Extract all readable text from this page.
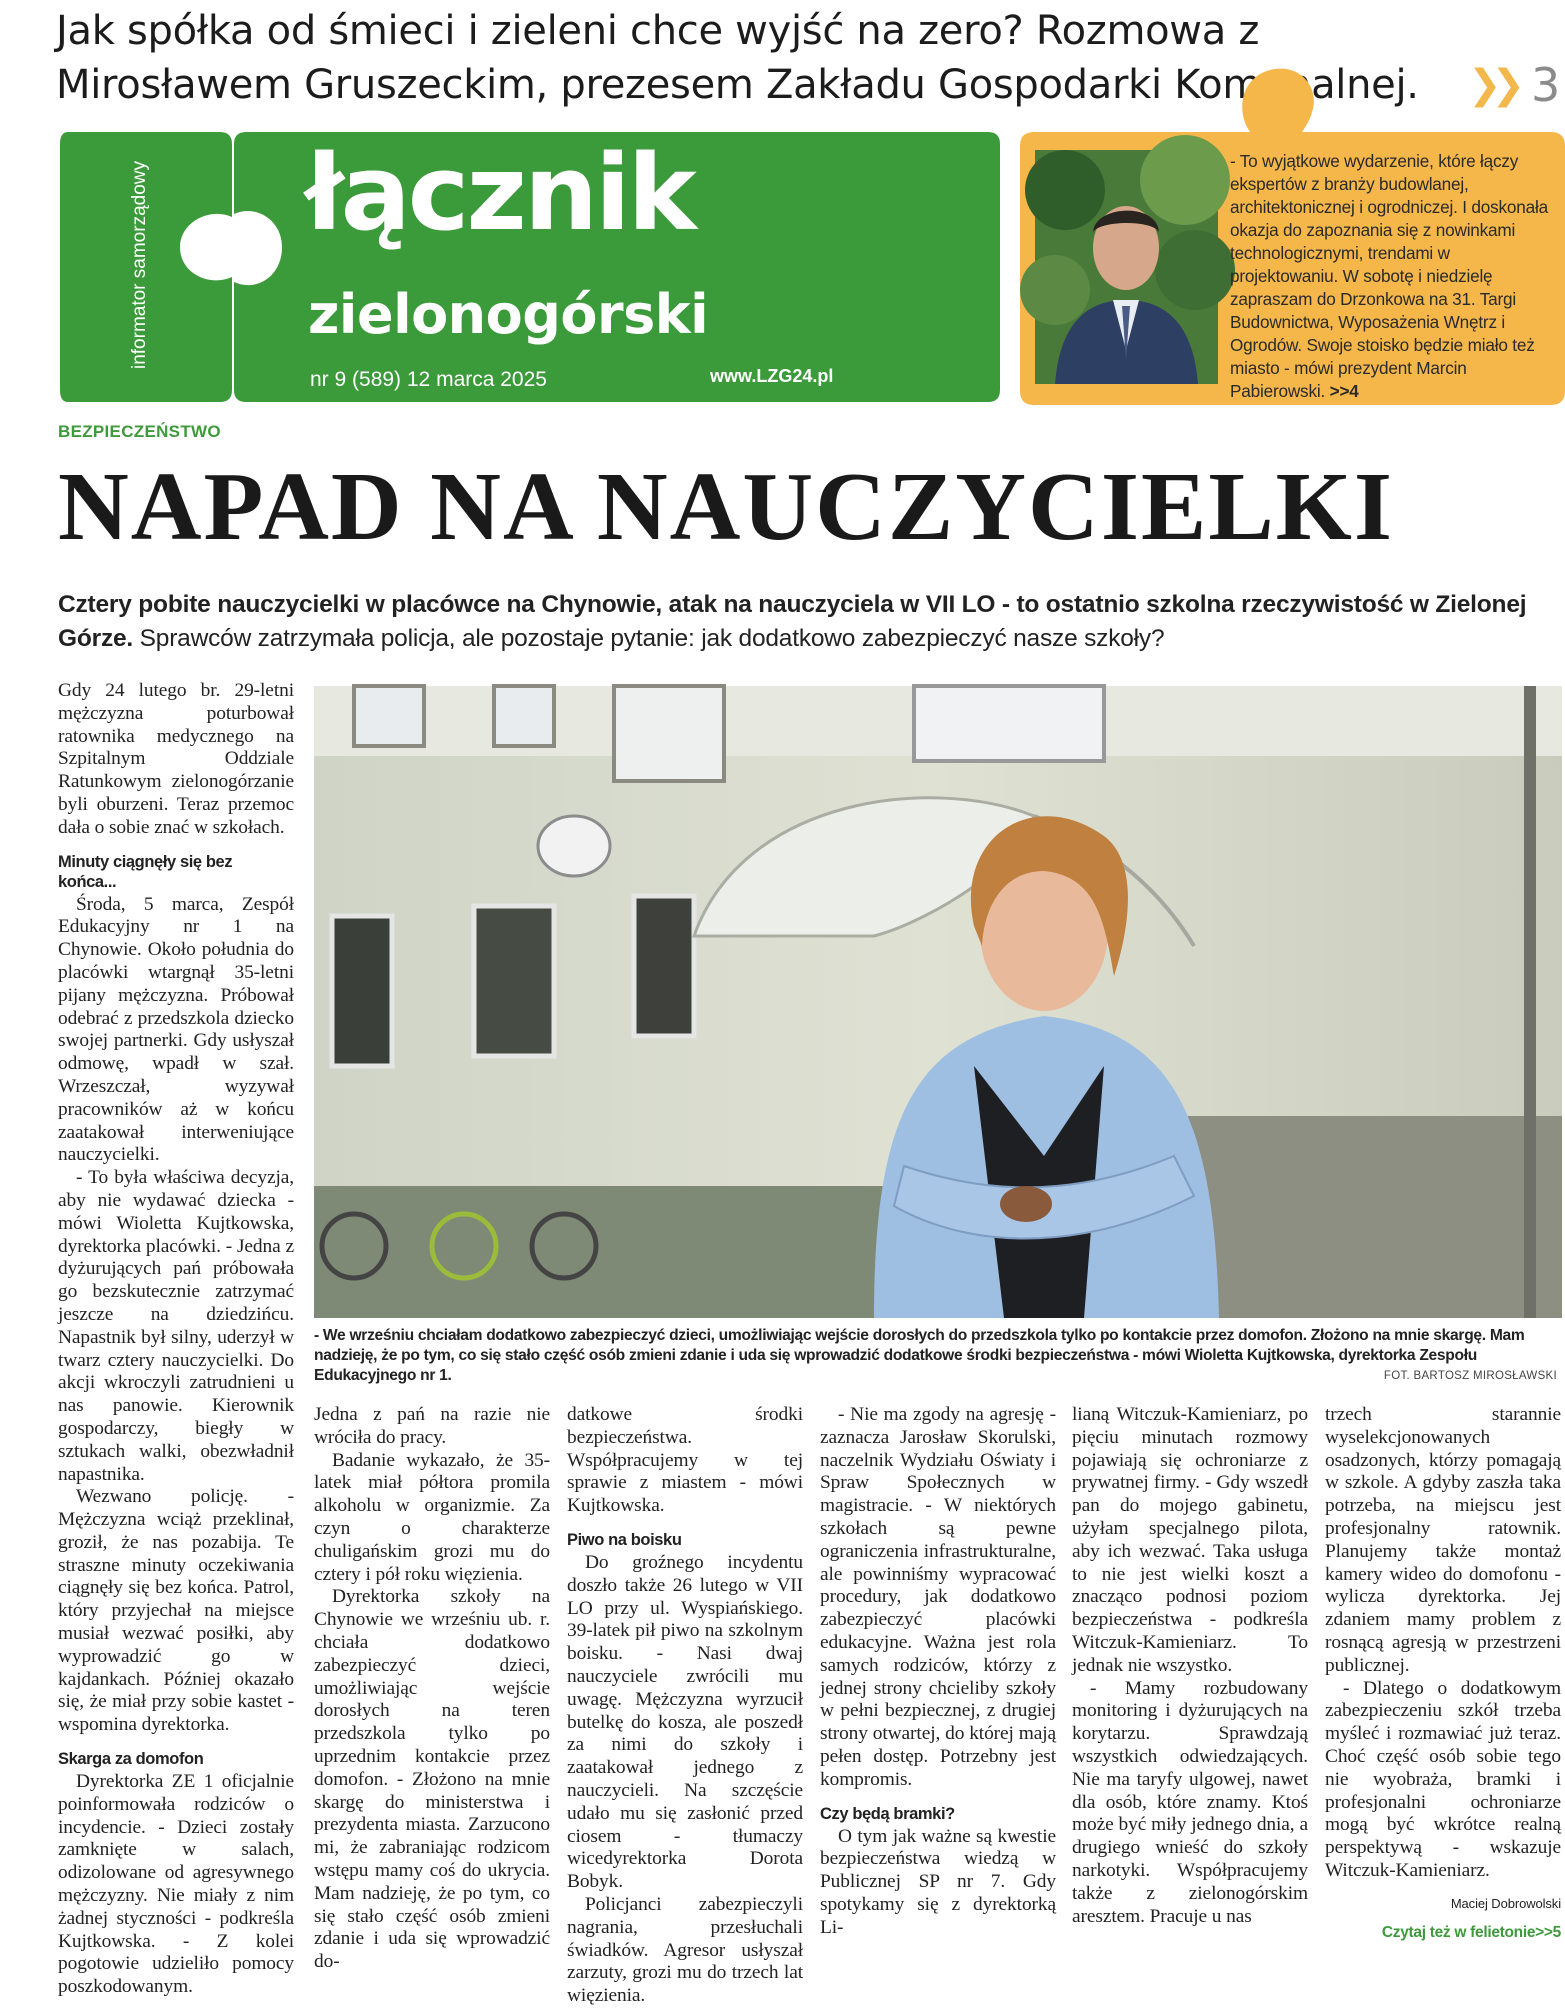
Jak spółka od śmieci i zieleni chce wyjść na zero? Rozmowa z Mirosławem Gruszeckim, prezesem Zakładu Gospodarki Komunalnej.	❯❯ 3
informator samorządowy łącznik
zielonogórski
nr 9 (589) 12 marca 2025	www.LZG24.pl
- To wyjątkowe wydarzenie, które łączy ekspertów z branży budowlanej, architektonicznej i ogrodniczej. I doskonała okazja do zapoznania się z nowinkami technologicznymi, trendami w projektowaniu. W sobotę i niedzielę zapraszam do Drzonkowa na 31. Targi Budownictwa, Wyposażenia Wnętrz i Ogrodów. Swoje stoisko będzie miało też miasto - mówi prezydent Marcin Pabierowski. >>4
BEZPIECZEŃSTWO
NAPAD NA NAUCZYCIELKI
Cztery pobite nauczycielki w placówce na Chynowie, atak na nauczyciela w VII LO - to ostatnio szkolna rzeczywistość w Zielonej Górze. Sprawców zatrzymała policja, ale pozostaje pytanie: jak dodatkowo zabezpieczyć nasze szkoły?
- We wrześniu chciałam dodatkowo zabezpieczyć dzieci, umożliwiając wejście dorosłych do przedszkola tylko po kontakcie przez domofon. Złożono na mnie skargę. Mam nadzieję, że po tym, co się stało część osób zmieni zdanie i uda się wprowadzić dodatkowe środki bezpieczeństwa - mówi Wioletta Kujtkowska, dyrektorka Zespołu Edukacyjnego nr 1.	FOT. BARTOSZ MIROSŁAWSKI

Gdy 24 lutego br. 29-letni mężczyzna poturbował ratownika medycznego na Szpitalnym Oddziale Ratunkowym zielonogórzanie byli oburzeni. Teraz przemoc dała o sobie znać w szkołach.

Minuty ciągnęły się bez końca...

Środa, 5 marca, Zespół Edukacyjny nr 1 na Chynowie. Około południa do placówki wtargnął 35-letni pijany mężczyzna. Próbował odebrać z przedszkola dziecko swojej partnerki. Gdy usłyszał odmowę, wpadł w szał. Wrzeszczał, wyzywał pracowników aż w końcu zaatakował interweniujące nauczycielki.

- To była właściwa decyzja, aby nie wydawać dziecka - mówi Wioletta Kujtkowska, dyrektorka placówki. - Jedna z dyżurujących pań próbowała go bezskutecznie zatrzymać jeszcze na dziedzińcu. Napastnik był silny, uderzył w twarz cztery nauczycielki. Do akcji wkroczyli zatrudnieni u nas panowie. Kierownik gospodarczy, biegły w sztukach walki, obezwładnił napastnika.

Wezwano policję. - Mężczyzna wciąż przeklinał, groził, że nas pozabija. Te straszne minuty oczekiwania ciągnęły się bez końca. Patrol, który przyjechał na miejsce musiał wezwać posiłki, aby wyprowadzić go w kajdankach. Później okazało się, że miał przy sobie kastet - wspomina dyrektorka.

Skarga za domofon

Dyrektorka ZE 1 oficjalnie poinformowała rodziców o incydencie. - Dzieci zostały zamknięte w salach, odizolowane od agresywnego mężczyzny. Nie miały z nim żadnej styczności - podkreśla Kujtkowska. - Z kolei pogotowie udzieliło pomocy poszkodowanym.

Jedna z pań na razie nie wróciła do pracy.

Badanie wykazało, że 35-latek miał półtora promila alkoholu w organizmie. Za czyn o charakterze chuligańskim grozi mu do cztery i pół roku więzienia.

Dyrektorka szkoły na Chynowie we wrześniu ub. r. chciała dodatkowo zabezpieczyć dzieci, umożliwiając wejście dorosłych na teren przedszkola tylko po uprzednim kontakcie przez domofon. - Złożono na mnie skargę do ministerstwa i prezydenta miasta. Zarzucono mi, że zabraniając rodzicom wstępu mamy coś do ukrycia. Mam nadzieję, że po tym, co się stało część osób zmieni zdanie i uda się wprowadzić do-

datkowe środki bezpieczeństwa. Współpracujemy w tej sprawie z miastem - mówi Kujtkowska.

Piwo na boisku

Do groźnego incydentu doszło także 26 lutego w VII LO przy ul. Wyspiańskiego. 39-latek pił piwo na szkolnym boisku. - Nasi dwaj nauczyciele zwrócili mu uwagę. Mężczyzna wyrzucił butelkę do kosza, ale poszedł za nimi do szkoły i zaatakował jednego z nauczycieli. Na szczęście udało mu się zasłonić przed ciosem - tłumaczy wicedyrektorka Dorota Bobyk.

Policjanci zabezpieczyli nagrania, przesłuchali świadków. Agresor usłyszał zarzuty, grozi mu do trzech lat więzienia.

- Nie ma zgody na agresję - zaznacza Jarosław Skorulski, naczelnik Wydziału Oświaty i Spraw Społecznych w magistracie. - W niektórych szkołach są pewne ograniczenia infrastrukturalne, ale powinniśmy wypracować procedury, jak dodatkowo zabezpieczyć placówki edukacyjne. Ważna jest rola samych rodziców, którzy z jednej strony chcieliby szkoły w pełni bezpiecznej, z drugiej strony otwartej, do której mają pełen dostęp. Potrzebny jest kompromis.

Czy będą bramki?

O tym jak ważne są kwestie bezpieczeństwa wiedzą w Publicznej SP nr 7. Gdy spotykamy się z dyrektorką Li-

lianą Witczuk-Kamieniarz, po pięciu minutach rozmowy pojawiają się ochroniarze z prywatnej firmy. - Gdy wszedł pan do mojego gabinetu, użyłam specjalnego pilota, aby ich wezwać. Taka usługa to nie jest wielki koszt a znacząco podnosi poziom bezpieczeństwa - podkreśla Witczuk-Kamieniarz. To jednak nie wszystko.

- Mamy rozbudowany monitoring i dyżurujących na korytarzu. Sprawdzają wszystkich odwiedzających. Nie ma taryfy ulgowej, nawet dla osób, które znamy. Ktoś może być miły jednego dnia, a drugiego wnieść do szkoły narkotyki. Współpracujemy także z zielonogórskim aresztem. Pracuje u nas

trzech starannie wyselekcjonowanych osadzonych, którzy pomagają w szkole. A gdyby zaszła taka potrzeba, na miejscu jest profesjonalny ratownik. Planujemy także montaż kamery wideo do domofonu - wylicza dyrektorka. Jej zdaniem mamy problem z rosnącą agresją w przestrzeni publicznej.

- Dlatego o dodatkowym zabezpieczeniu szkół trzeba myśleć i rozmawiać już teraz. Choć część osób sobie tego nie wyobraża, bramki i profesjonalni ochroniarze mogą być wkrótce realną perspektywą - wskazuje Witczuk-Kamieniarz.

Maciej Dobrowolski
Czytaj też w felietonie>>5
